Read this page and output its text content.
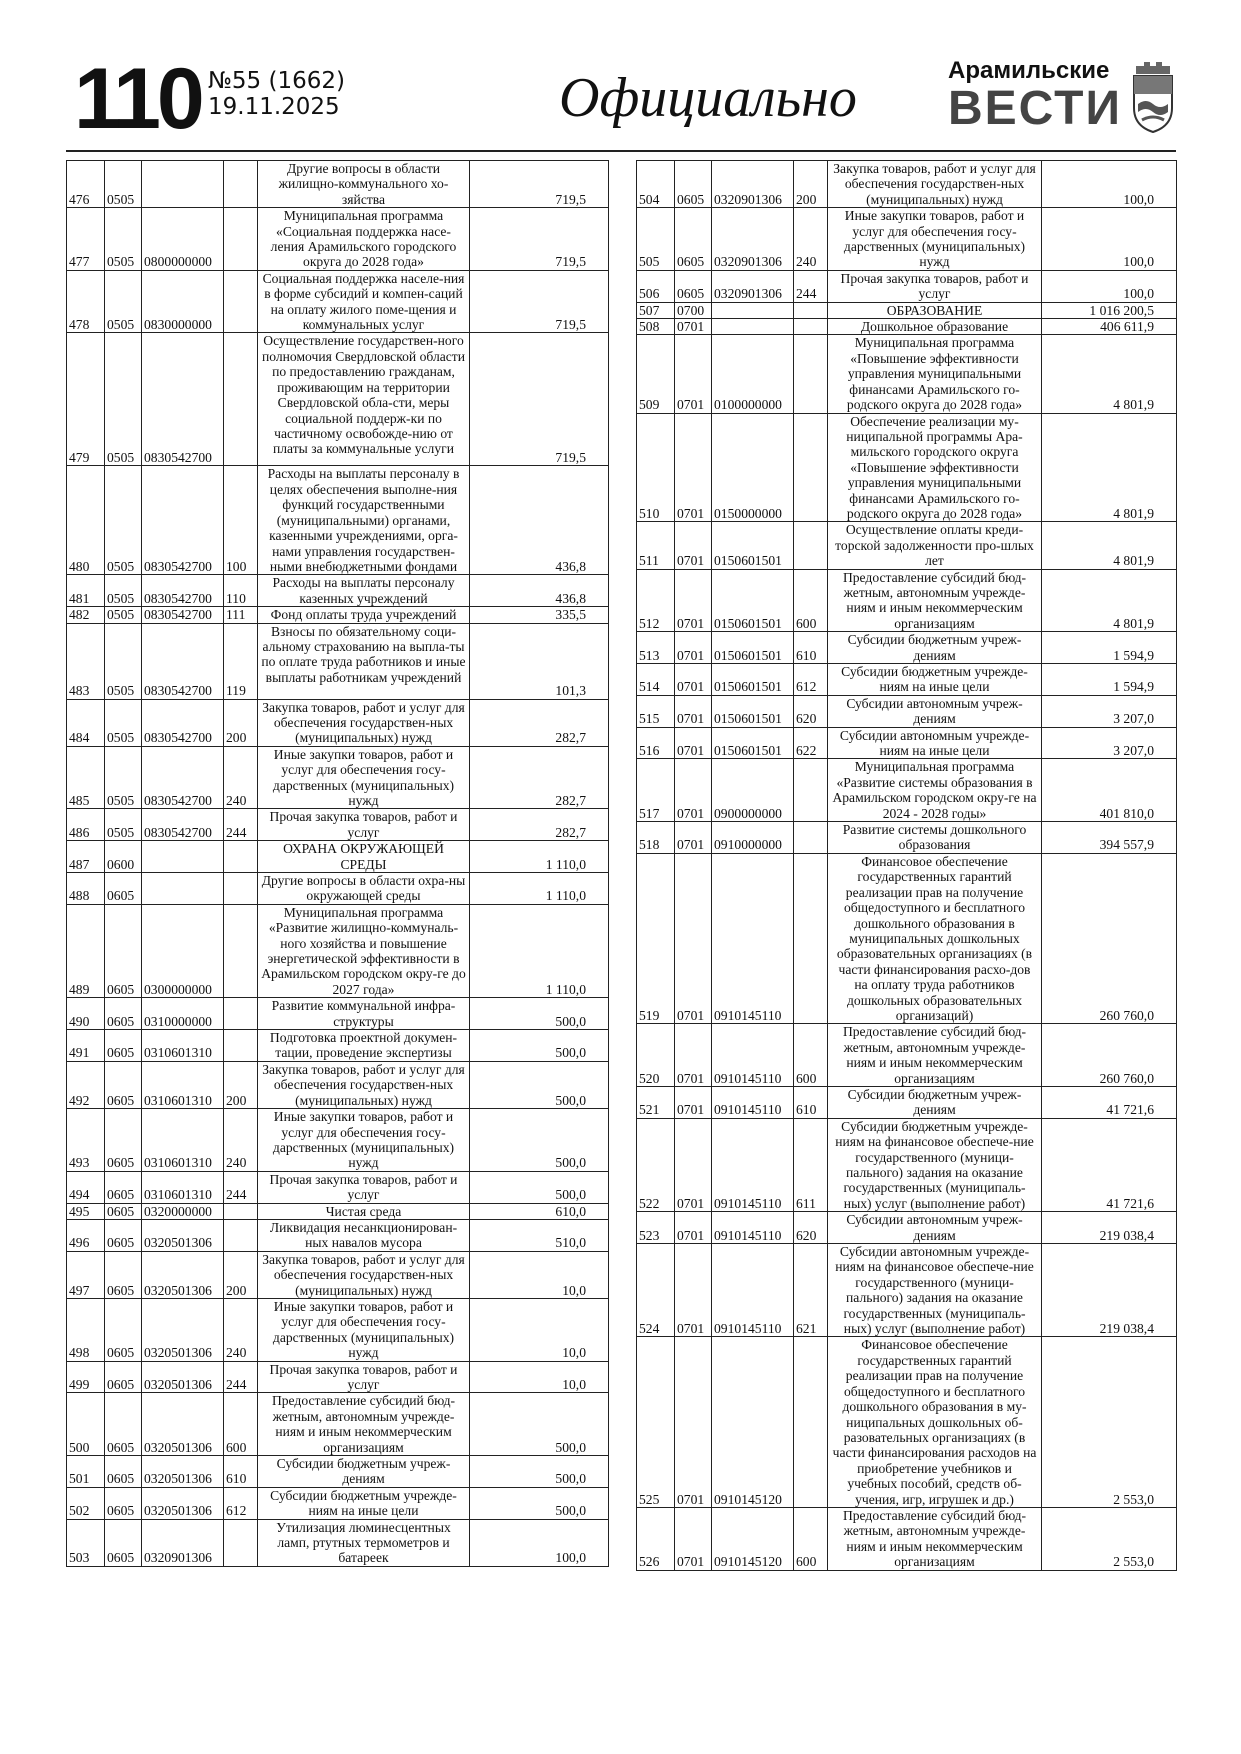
110 №55 (1662)
19.11.2025	Официально	Арамильские
ВЕСТИ
476	0505			Другие вопросы в области жилищно-коммунального хо-зяйства	719,5
477	0505	0800000000		Муниципальная программа «Социальная поддержка насе-ления Арамильского городского округа до 2028 года»	719,5
478	0505	0830000000		Социальная поддержка населе-ния в форме субсидий и компен-саций на оплату жилого поме-щения и коммунальных услуг	719,5
479	0505	0830542700		Осуществление государствен-ного полномочия Свердловской области по предоставлению гражданам, проживающим на территории Свердловской обла-сти, меры социальной поддерж-ки по частичному освобожде-нию от платы за коммунальные услуги	719,5
480	0505	0830542700	100	Расходы на выплаты персоналу в целях обеспечения выполне-ния функций государственными (муниципальными) органами, казенными учреждениями, орга-нами управления государствен-ными внебюджетными фондами	436,8
481	0505	0830542700	110	Расходы на выплаты персоналу казенных учреждений	436,8
482	0505	0830542700	111	Фонд оплаты труда учреждений	335,5
483	0505	0830542700	119	Взносы по обязательному соци-альному страхованию на выпла-ты по оплате труда работников и иные выплаты работникам учреждений	101,3
484	0505	0830542700	200	Закупка товаров, работ и услуг для обеспечения государствен-ных (муниципальных) нужд	282,7
485	0505	0830542700	240	Иные закупки товаров, работ и услуг для обеспечения госу-дарственных (муниципальных) нужд	282,7
486	0505	0830542700	244	Прочая закупка товаров, работ и услуг	282,7
487	0600			ОХРАНА ОКРУЖАЮЩЕЙ СРЕДЫ	1 110,0
488	0605			Другие вопросы в области охра-ны окружающей среды	1 110,0
489	0605	0300000000		Муниципальная программа «Развитие жилищно-коммуналь-ного хозяйства и повышение энергетической эффективности в Арамильском городском окру-ге до 2027 года»	1 110,0
490	0605	0310000000		Развитие коммунальной инфра-структуры	500,0
491	0605	0310601310		Подготовка проектной докумен-тации, проведение экспертизы	500,0
492	0605	0310601310	200	Закупка товаров, работ и услуг для обеспечения государствен-ных (муниципальных) нужд	500,0
493	0605	0310601310	240	Иные закупки товаров, работ и услуг для обеспечения госу-дарственных (муниципальных) нужд	500,0
494	0605	0310601310	244	Прочая закупка товаров, работ и услуг	500,0
495	0605	0320000000		Чистая среда	610,0
496	0605	0320501306		Ликвидация несанкционирован-ных навалов мусора	510,0
497	0605	0320501306	200	Закупка товаров, работ и услуг для обеспечения государствен-ных (муниципальных) нужд	10,0
498	0605	0320501306	240	Иные закупки товаров, работ и услуг для обеспечения госу-дарственных (муниципальных) нужд	10,0
499	0605	0320501306	244	Прочая закупка товаров, работ и услуг	10,0
500	0605	0320501306	600	Предоставление субсидий бюд-жетным, автономным учрежде-ниям и иным некоммерческим организациям	500,0
501	0605	0320501306	610	Субсидии бюджетным учреж-дениям	500,0
502	0605	0320501306	612	Субсидии бюджетным учрежде-ниям на иные цели	500,0
503	0605	0320901306		Утилизация люминесцентных ламп, ртутных термометров и батареек	100,0
504	0605	0320901306	200	Закупка товаров, работ и услуг для обеспечения государствен-ных (муниципальных) нужд	100,0
505	0605	0320901306	240	Иные закупки товаров, работ и услуг для обеспечения госу-дарственных (муниципальных) нужд	100,0
506	0605	0320901306	244	Прочая закупка товаров, работ и услуг	100,0
507	0700			ОБРАЗОВАНИЕ	1 016 200,5
508	0701			Дошкольное образование	406 611,9
509	0701	0100000000		Муниципальная программа «Повышение эффективности управления муниципальными финансами Арамильского го-родского округа до 2028 года»	4 801,9
510	0701	0150000000		Обеспечение реализации му-ниципальной программы Ара-мильского городского округа «Повышение эффективности управления муниципальными финансами Арамильского го-родского округа до 2028 года»	4 801,9
511	0701	0150601501		Осуществление оплаты креди-торской задолженности про-шлых лет	4 801,9
512	0701	0150601501	600	Предоставление субсидий бюд-жетным, автономным учрежде-ниям и иным некоммерческим организациям	4 801,9
513	0701	0150601501	610	Субсидии бюджетным учреж-дениям	1 594,9
514	0701	0150601501	612	Субсидии бюджетным учрежде-ниям на иные цели	1 594,9
515	0701	0150601501	620	Субсидии автономным учреж-дениям	3 207,0
516	0701	0150601501	622	Субсидии автономным учрежде-ниям на иные цели	3 207,0
517	0701	0900000000		Муниципальная программа «Развитие системы образования в Арамильском городском окру-ге на 2024 - 2028 годы»	401 810,0
518	0701	0910000000		Развитие системы дошкольного образования	394 557,9
519	0701	0910145110		Финансовое обеспечение государственных гарантий реализации прав на получение общедоступного и бесплатного дошкольного образования в муниципальных дошкольных образовательных организациях (в части финансирования расхо-дов на оплату труда работников дошкольных образовательных организаций)	260 760,0
520	0701	0910145110	600	Предоставление субсидий бюд-жетным, автономным учрежде-ниям и иным некоммерческим организациям	260 760,0
521	0701	0910145110	610	Субсидии бюджетным учреж-дениям	41 721,6
522	0701	0910145110	611	Субсидии бюджетным учрежде-ниям на финансовое обеспече-ние государственного (муници-пального) задания на оказание государственных (муниципаль-ных) услуг (выполнение работ)	41 721,6
523	0701	0910145110	620	Субсидии автономным учреж-дениям	219 038,4
524	0701	0910145110	621	Субсидии автономным учрежде-ниям на финансовое обеспече-ние государственного (муници-пального) задания на оказание государственных (муниципаль-ных) услуг (выполнение работ)	219 038,4
525	0701	0910145120		Финансовое обеспечение государственных гарантий реализации прав на получение общедоступного и бесплатного дошкольного образования в му-ниципальных дошкольных об-разовательных организациях (в части финансирования расходов на приобретение учебников и учебных пособий, средств об-учения, игр, игрушек и др.)	2 553,0
526	0701	0910145120	600	Предоставление субсидий бюд-жетным, автономным учрежде-ниям и иным некоммерческим организациям	2 553,0
